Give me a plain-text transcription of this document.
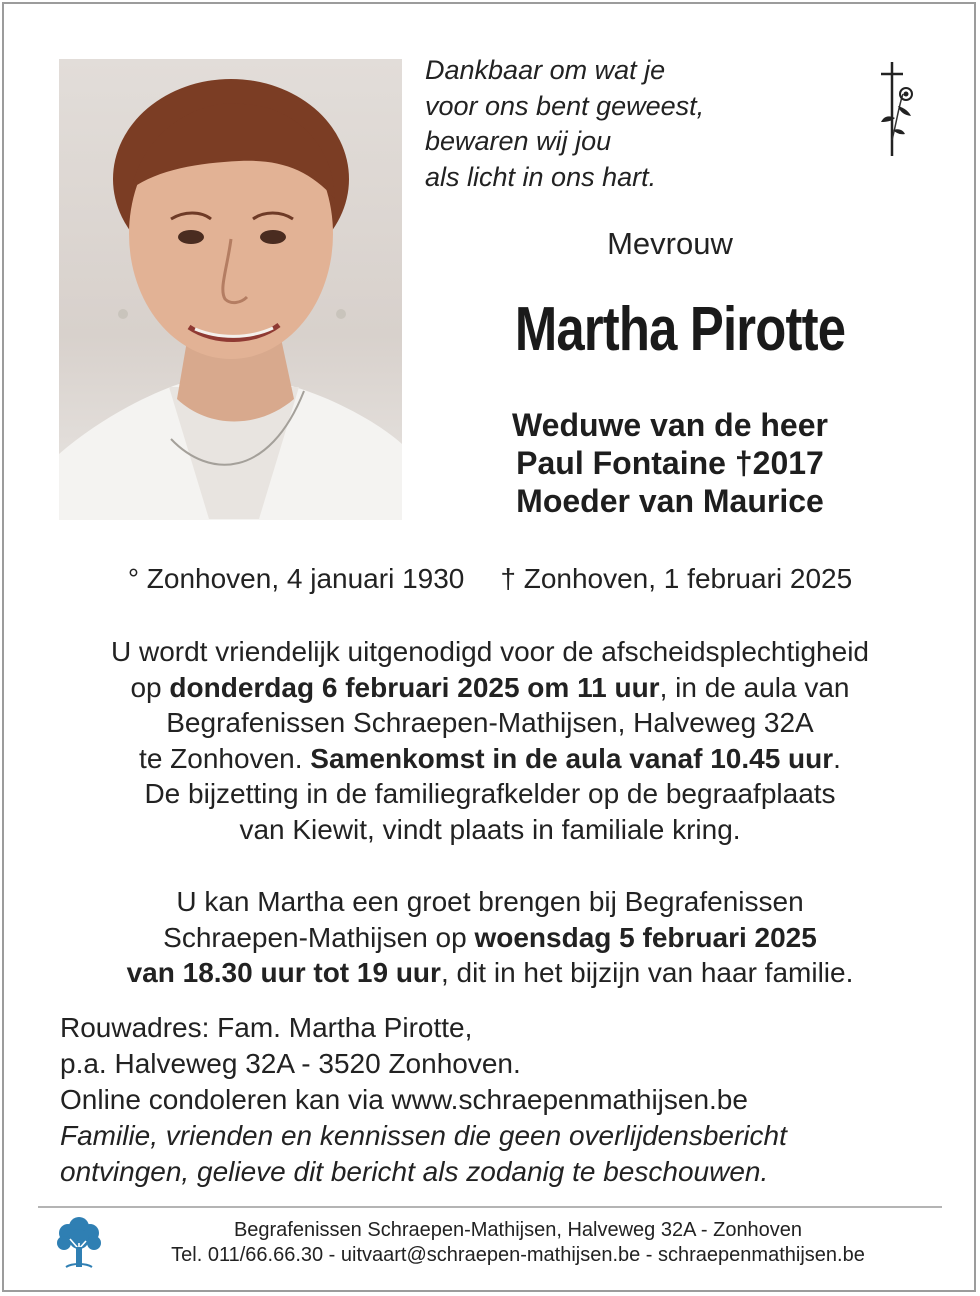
Dankbaar om wat je
voor ons bent geweest,
bewaren wij jou
als licht in ons hart.
Mevrouw
Martha Pirotte
Weduwe van de heer
Paul Fontaine †2017
Moeder van Maurice
° Zonhoven, 4 januari 1930 † Zonhoven, 1 februari 2025
U wordt vriendelijk uitgenodigd voor de afscheidsplechtigheid
op donderdag 6 februari 2025 om 11 uur, in de aula van
Begrafenissen Schraepen-Mathijsen, Halveweg 32A
te Zonhoven. Samenkomst in de aula vanaf 10.45 uur.
De bijzetting in de familiegrafkelder op de begraafplaats
van Kiewit, vindt plaats in familiale kring.
U kan Martha een groet brengen bij Begrafenissen
Schraepen-Mathijsen op woensdag 5 februari 2025
van 18.30 uur tot 19 uur, dit in het bijzijn van haar familie.
Rouwadres: Fam. Martha Pirotte,
p.a. Halveweg 32A - 3520 Zonhoven.
Online condoleren kan via www.schraepenmathijsen.be
Familie, vrienden en kennissen die geen overlijdensbericht
ontvingen, gelieve dit bericht als zodanig te beschouwen.
Begrafenissen Schraepen-Mathijsen, Halveweg 32A - Zonhoven
Tel. 011/66.66.30 - uitvaart@schraepen-mathijsen.be - schraepenmathijsen.be
